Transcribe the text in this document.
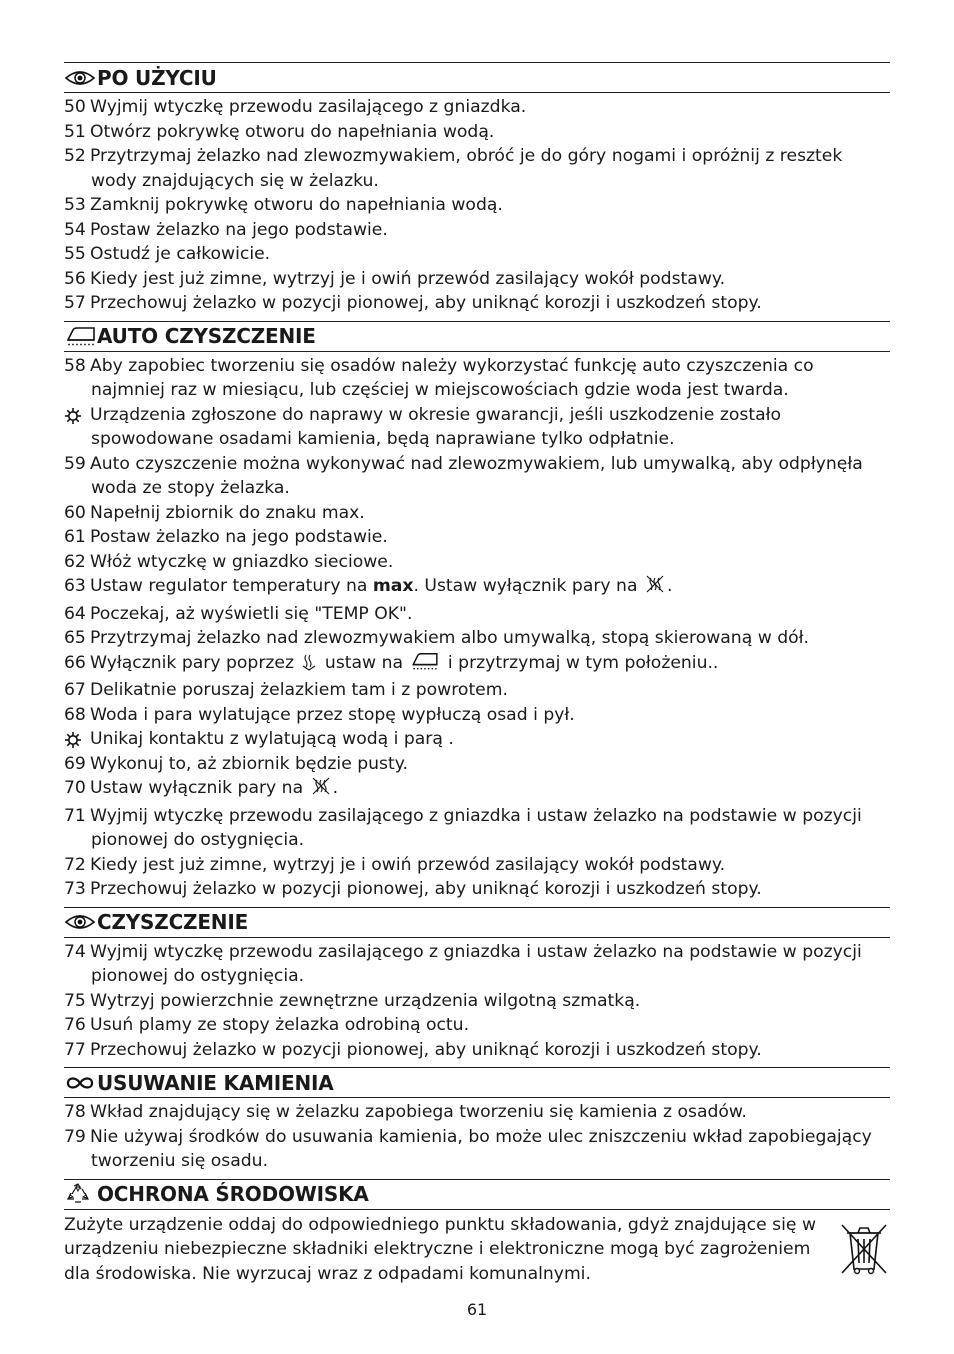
PO UŻYCIU
50 Wyjmij wtyczkę przewodu zasilającego z gniazdka.
51 Otwórz pokrywkę otworu do napełniania wodą.
52 Przytrzymaj żelazko nad zlewozmywakiem, obróć je do góry nogami i opróżnij z resztek
wody znajdujących się w żelazku.
53 Zamknij pokrywkę otworu do napełniania wodą.
54 Postaw żelazko na jego podstawie.
55 Ostudź je całkowicie.
56 Kiedy jest już zimne, wytrzyj je i owiń przewód zasilający wokół podstawy.
57 Przechowuj żelazko w pozycji pionowej, aby uniknąć korozji i uszkodzeń stopy.
AUTO CZYSZCZENIE
58 Aby zapobiec tworzeniu się osadów należy wykorzystać funkcję auto czyszczenia co
najmniej raz w miesiącu, lub częściej w miejscowościach gdzie woda jest twarda.
Urządzenia zgłoszone do naprawy w okresie gwarancji, jeśli uszkodzenie zostało
spowodowane osadami kamienia, będą naprawiane tylko odpłatnie.
59 Auto czyszczenie można wykonywać nad zlewozmywakiem, lub umywalką, aby odpłynęła
woda ze stopy żelazka.
60 Napełnij zbiornik do znaku max.
61 Postaw żelazko na jego podstawie.
62 Włóż wtyczkę w gniazdko sieciowe.
63 Ustaw regulator temperatury na max. Ustaw wyłącznik pary na .
64 Poczekaj, aż wyświetli się "TEMP OK".
65 Przytrzymaj żelazko nad zlewozmywakiem albo umywalką, stopą skierowaną w dół.
66 Wyłącznik pary poprzez  ustaw na  i przytrzymaj w tym położeniu..
67 Delikatnie poruszaj żelazkiem tam i z powrotem.
68 Woda i para wylatujące przez stopę wypłuczą osad i pył.
Unikaj kontaktu z wylatującą wodą i parą .
69 Wykonuj to, aż zbiornik będzie pusty.
70 Ustaw wyłącznik pary na .
71 Wyjmij wtyczkę przewodu zasilającego z gniazdka i ustaw żelazko na podstawie w pozycji
pionowej do ostygnięcia.
72 Kiedy jest już zimne, wytrzyj je i owiń przewód zasilający wokół podstawy.
73 Przechowuj żelazko w pozycji pionowej, aby uniknąć korozji i uszkodzeń stopy.
CZYSZCZENIE
74 Wyjmij wtyczkę przewodu zasilającego z gniazdka i ustaw żelazko na podstawie w pozycji
pionowej do ostygnięcia.
75 Wytrzyj powierzchnie zewnętrzne urządzenia wilgotną szmatką.
76 Usuń plamy ze stopy żelazka odrobiną octu.
77 Przechowuj żelazko w pozycji pionowej, aby uniknąć korozji i uszkodzeń stopy.
USUWANIE KAMIENIA
78 Wkład znajdujący się w żelazku zapobiega tworzeniu się kamienia z osadów.
79 Nie używaj środków do usuwania kamienia, bo może ulec zniszczeniu wkład zapobiegający
tworzeniu się osadu.
OCHRONA ŚRODOWISKA
Zużyte urządzenie oddaj do odpowiedniego punktu składowania, gdyż znajdujące się w
urządzeniu niebezpieczne składniki elektryczne i elektroniczne mogą być zagrożeniem
dla środowiska. Nie wyrzucaj wraz z odpadami komunalnymi.
61
